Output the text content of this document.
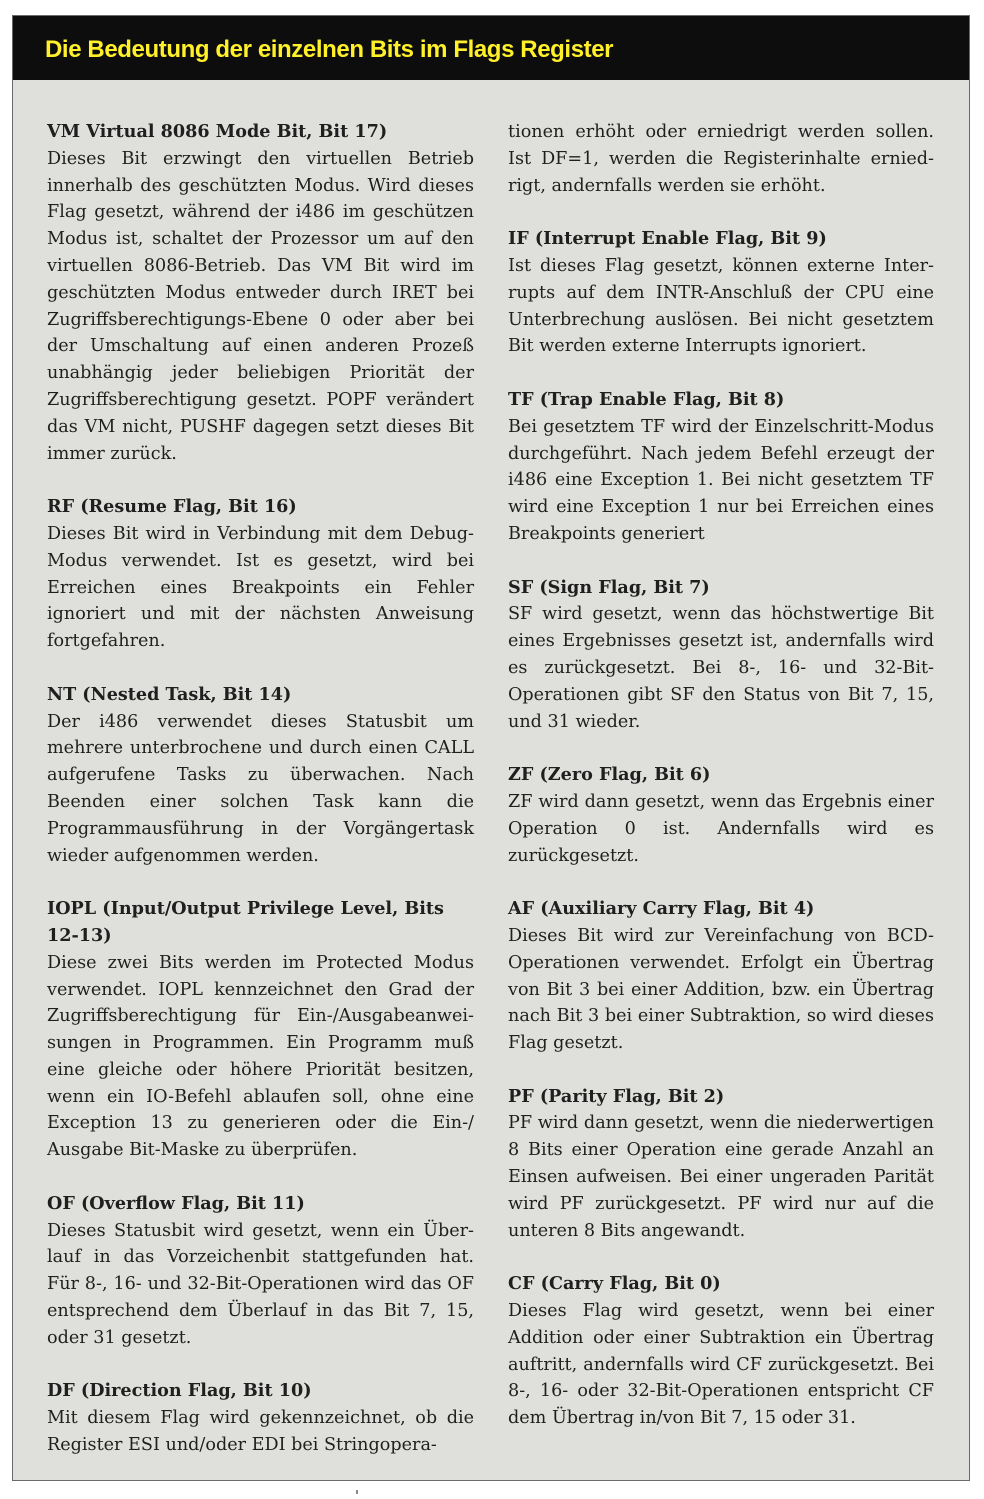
Die Bedeutung der einzelnen Bits im Flags Register
VM Virtual 8086 Mode Bit, Bit 17)
Dieses Bit erzwingt den virtuellen Betrieb innerhalb des geschützten Modus. Wird dieses Flag gesetzt, während der i486 im geschützen Modus ist, schaltet der Prozessor um auf den virtuellen 8086-Betrieb. Das VM Bit wird im geschützten Modus entweder durch IRET bei Zugriffsberechtigungs-Ebene 0 oder aber bei der Umschaltung auf einen anderen Prozeß unabhängig jeder beliebigen Priorität der Zugriffsberechtigung gesetzt. POPF verändert das VM nicht, PUSHF dagegen setzt dieses Bit immer zurück.
RF (Resume Flag, Bit 16)
Dieses Bit wird in Verbindung mit dem Debug-Modus verwendet. Ist es gesetzt, wird bei Erreichen eines Breakpoints ein Fehler ignoriert und mit der nächsten Anweisung fortgefahren.
NT (Nested Task, Bit 14)
Der i486 verwendet dieses Statusbit um mehrere unterbrochene und durch einen CALL aufgerufene Tasks zu überwachen. Nach Beenden einer solchen Task kann die Programmausführung in der Vorgängertask wieder aufgenommen werden.
IOPL (Input/Output Privilege Level, Bits 12-13)
Diese zwei Bits werden im Protected Modus verwendet. IOPL kennzeichnet den Grad der Zugriffsberechtigung für Ein-/Ausgabeanweisungen in Programmen. Ein Programm muß eine gleiche oder höhere Priorität besitzen, wenn ein IO-Befehl ablaufen soll, ohne eine Exception 13 zu generieren oder die Ein-/ Ausgabe Bit-Maske zu überprüfen.
OF (Overflow Flag, Bit 11)
Dieses Statusbit wird gesetzt, wenn ein Überlauf in das Vorzeichenbit stattgefunden hat. Für 8-, 16- und 32-Bit-Operationen wird das OF entsprechend dem Überlauf in das Bit 7, 15, oder 31 gesetzt.
DF (Direction Flag, Bit 10)
Mit diesem Flag wird gekennzeichnet, ob die Register ESI und/oder EDI bei Stringopera-
tionen erhöht oder erniedrigt werden sollen. Ist DF=1, werden die Registerinhalte erniedrigt, andernfalls werden sie erhöht.
IF (Interrupt Enable Flag, Bit 9)
Ist dieses Flag gesetzt, können externe Interrupts auf dem INTR-Anschluß der CPU eine Unterbrechung auslösen. Bei nicht gesetztem Bit werden externe Interrupts ignoriert.
TF (Trap Enable Flag, Bit 8)
Bei gesetztem TF wird der Einzelschritt-Modus durchgeführt. Nach jedem Befehl erzeugt der i486 eine Exception 1. Bei nicht gesetztem TF wird eine Exception 1 nur bei Erreichen eines Breakpoints generiert
SF (Sign Flag, Bit 7)
SF wird gesetzt, wenn das höchstwertige Bit eines Ergebnisses gesetzt ist, andernfalls wird es zurückgesetzt. Bei 8-, 16- und 32-Bit-Operationen gibt SF den Status von Bit 7, 15, und 31 wieder.
ZF (Zero Flag, Bit 6)
ZF wird dann gesetzt, wenn das Ergebnis einer Operation 0 ist. Andernfalls wird es zurückgesetzt.
AF (Auxiliary Carry Flag, Bit 4)
Dieses Bit wird zur Vereinfachung von BCD-Operationen verwendet. Erfolgt ein Übertrag von Bit 3 bei einer Addition, bzw. ein Übertrag nach Bit 3 bei einer Subtraktion, so wird dieses Flag gesetzt.
PF (Parity Flag, Bit 2)
PF wird dann gesetzt, wenn die niederwertigen 8 Bits einer Operation eine gerade Anzahl an Einsen aufweisen. Bei einer ungeraden Parität wird PF zurückgesetzt. PF wird nur auf die unteren 8 Bits angewandt.
CF (Carry Flag, Bit 0)
Dieses Flag wird gesetzt, wenn bei einer Addition oder einer Subtraktion ein Übertrag auftritt, andernfalls wird CF zurückgesetzt. Bei 8-, 16- oder 32-Bit-Operationen entspricht CF dem Übertrag in/von Bit 7, 15 oder 31.
